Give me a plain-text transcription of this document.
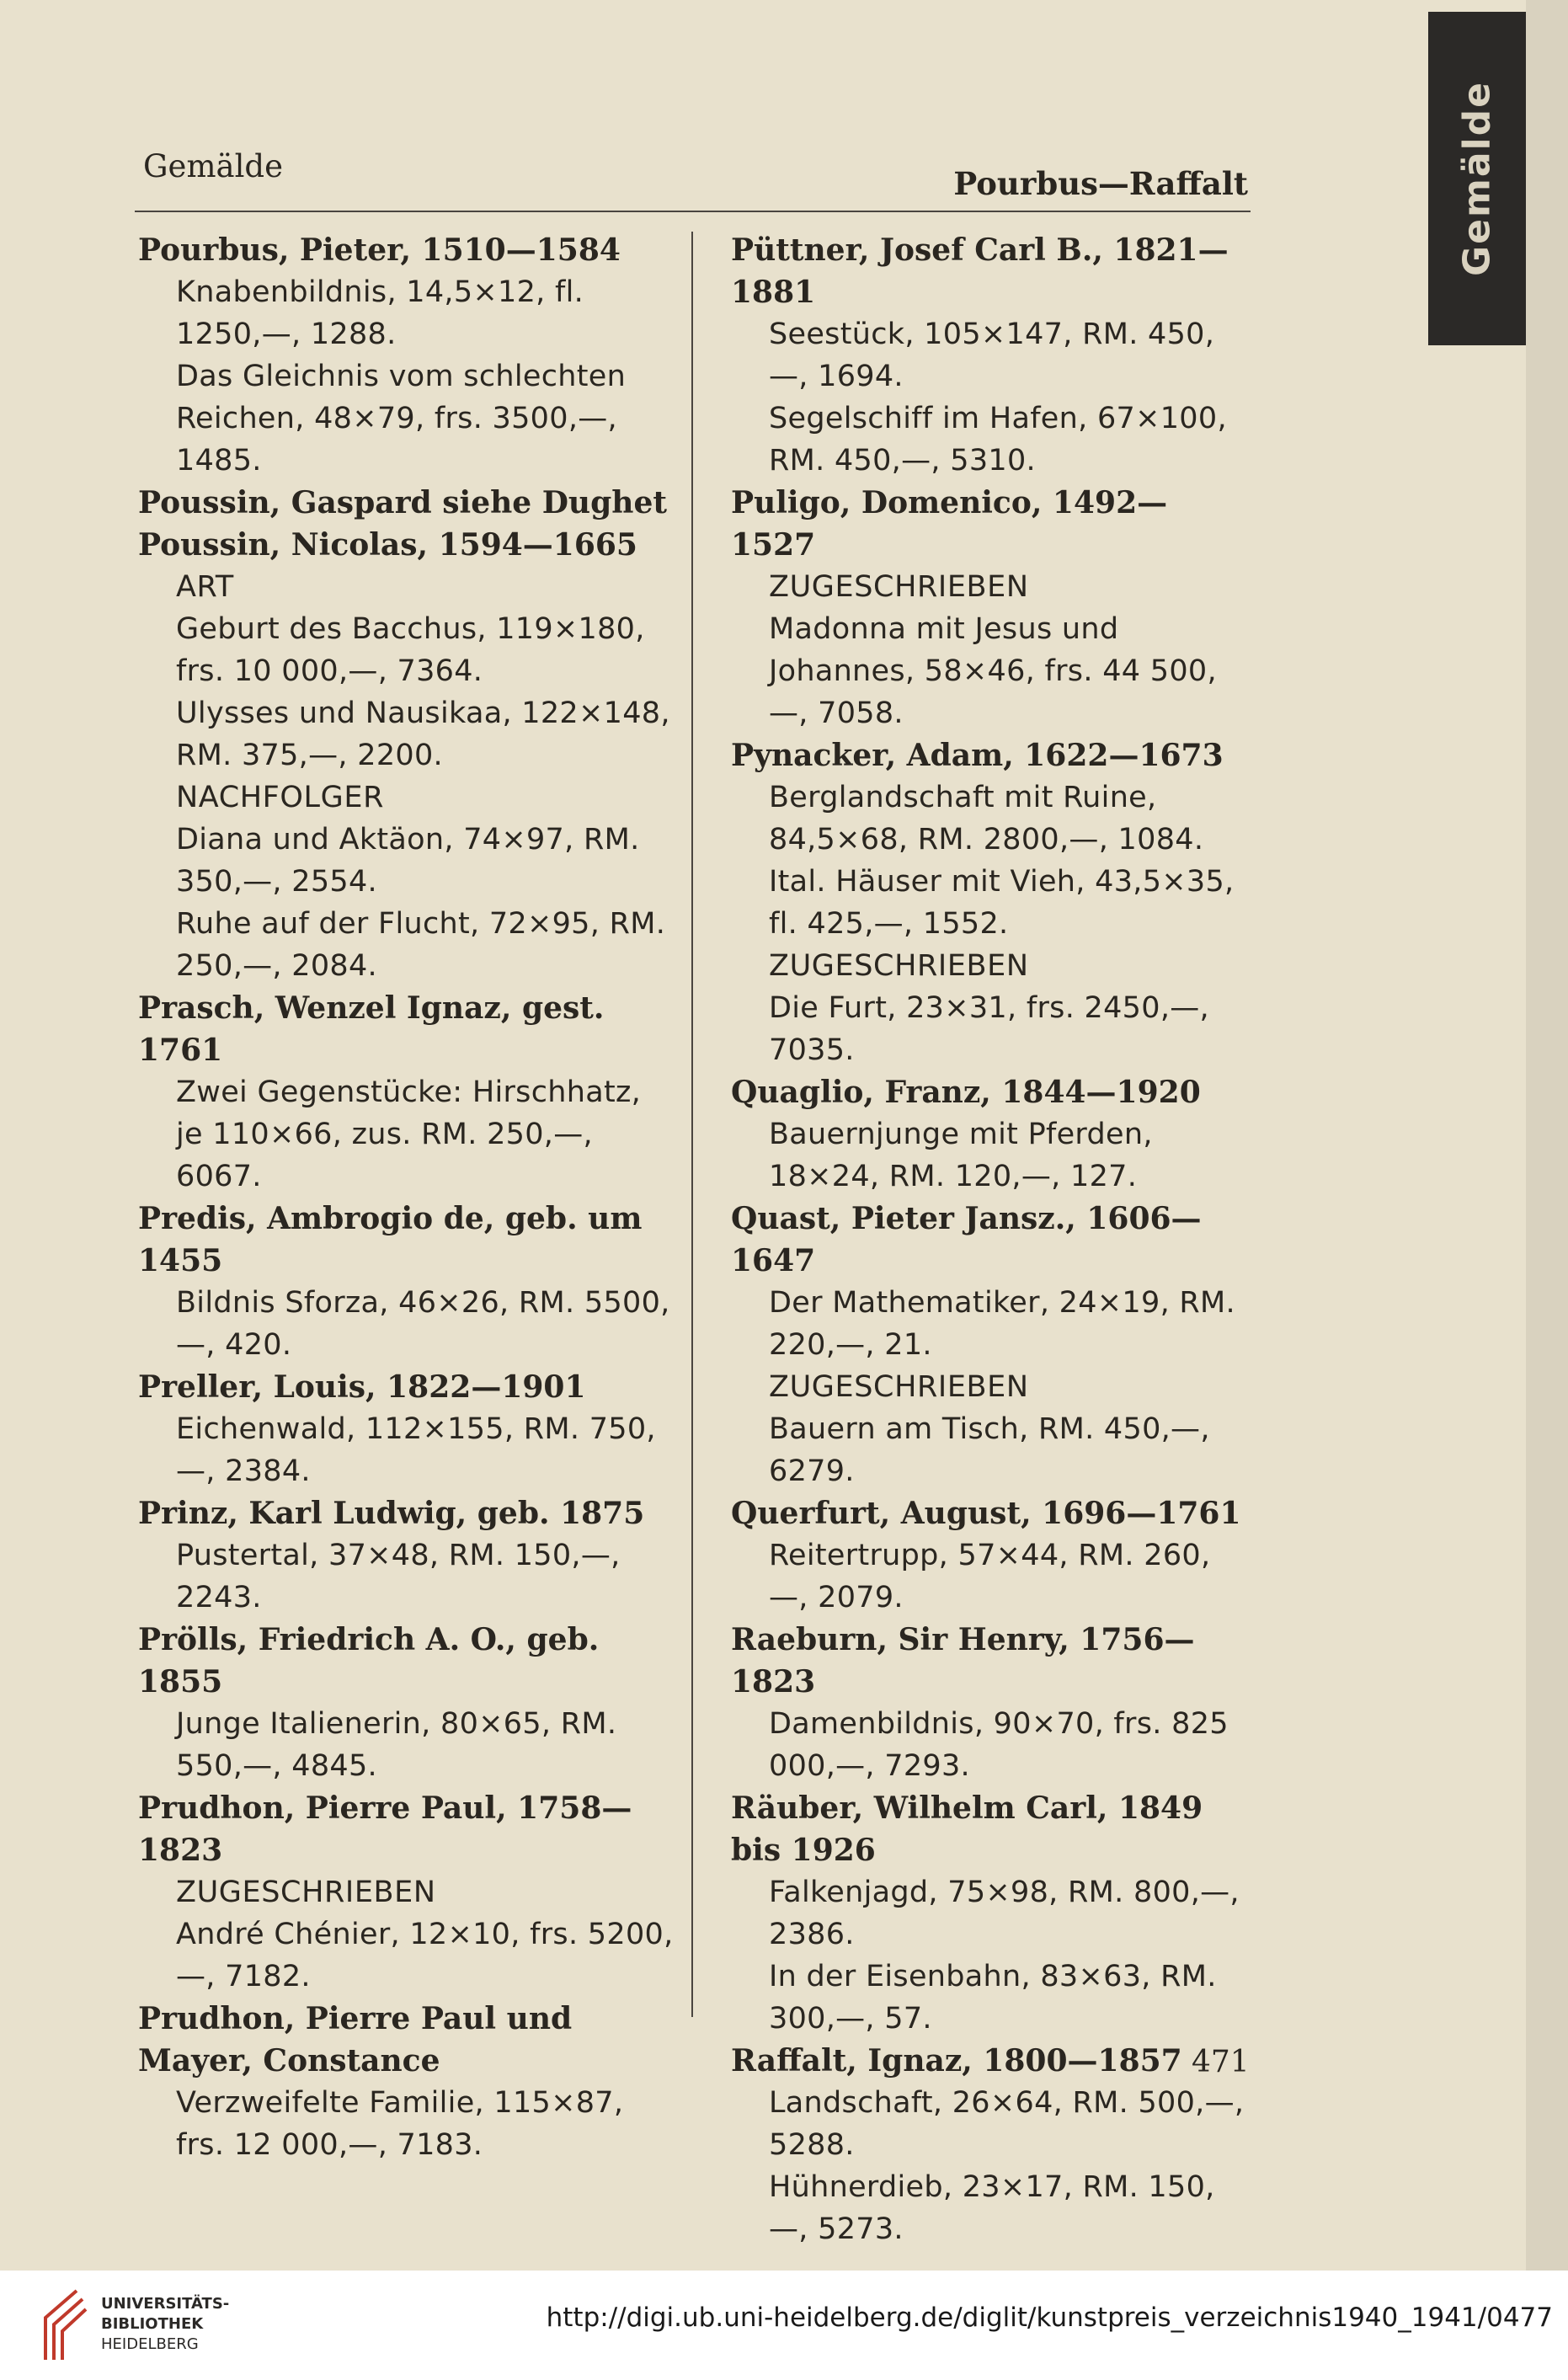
Gemälde
Gemälde	Pourbus—Raffalt
Pourbus, Pieter, 1510—1584
Knabenbildnis, 14,5×12, fl. 1250,—, 1288.
Das Gleichnis vom schlechten Reichen, 48×79, frs. 3500,—, 1485.
Poussin, Gaspard siehe Dughet
Poussin, Nicolas, 1594—1665
ART
Geburt des Bacchus, 119×180, frs. 10 000,—, 7364.
Ulysses und Nausikaa, 122×148, RM. 375,—, 2200.
NACHFOLGER
Diana und Aktäon, 74×97, RM. 350,—, 2554.
Ruhe auf der Flucht, 72×95, RM. 250,—, 2084.
Prasch, Wenzel Ignaz, gest. 1761
Zwei Gegenstücke: Hirschhatz, je 110×66, zus. RM. 250,—, 6067.
Predis, Ambrogio de, geb. um 1455
Bildnis Sforza, 46×26, RM. 5500,—, 420.
Preller, Louis, 1822—1901
Eichenwald, 112×155, RM. 750,—, 2384.
Prinz, Karl Ludwig, geb. 1875
Pustertal, 37×48, RM. 150,—, 2243.
Prölls, Friedrich A. O., geb. 1855
Junge Italienerin, 80×65, RM. 550,—, 4845.
Prudhon, Pierre Paul, 1758—1823
ZUGESCHRIEBEN
André Chénier, 12×10, frs. 5200,—, 7182.
Prudhon, Pierre Paul und Mayer, Constance
Verzweifelte Familie, 115×87, frs. 12 000,—, 7183.
Püttner, Josef Carl B., 1821—1881
Seestück, 105×147, RM. 450,—, 1694.
Segelschiff im Hafen, 67×100, RM. 450,—, 5310.
Puligo, Domenico, 1492—1527
ZUGESCHRIEBEN
Madonna mit Jesus und Johannes, 58×46, frs. 44 500,—, 7058.
Pynacker, Adam, 1622—1673
Berglandschaft mit Ruine, 84,5×68, RM. 2800,—, 1084.
Ital. Häuser mit Vieh, 43,5×35, fl. 425,—, 1552.
ZUGESCHRIEBEN
Die Furt, 23×31, frs. 2450,—, 7035.
Quaglio, Franz, 1844—1920
Bauernjunge mit Pferden, 18×24, RM. 120,—, 127.
Quast, Pieter Jansz., 1606—1647
Der Mathematiker, 24×19, RM. 220,—, 21.
ZUGESCHRIEBEN
Bauern am Tisch, RM. 450,—, 6279.
Querfurt, August, 1696—1761
Reitertrupp, 57×44, RM. 260,—, 2079.
Raeburn, Sir Henry, 1756—1823
Damenbildnis, 90×70, frs. 825 000,—, 7293.
Räuber, Wilhelm Carl, 1849 bis 1926
Falkenjagd, 75×98, RM. 800,—, 2386.
In der Eisenbahn, 83×63, RM. 300,—, 57.
Raffalt, Ignaz, 1800—1857
Landschaft, 26×64, RM. 500,—, 5288.
Hühnerdieb, 23×17, RM. 150,—, 5273.
471
UNIVERSITÄTS-
BIBLIOTHEK
HEIDELBERG
http://digi.ub.uni-heidelberg.de/diglit/kunstpreis_verzeichnis1940_1941/0477
